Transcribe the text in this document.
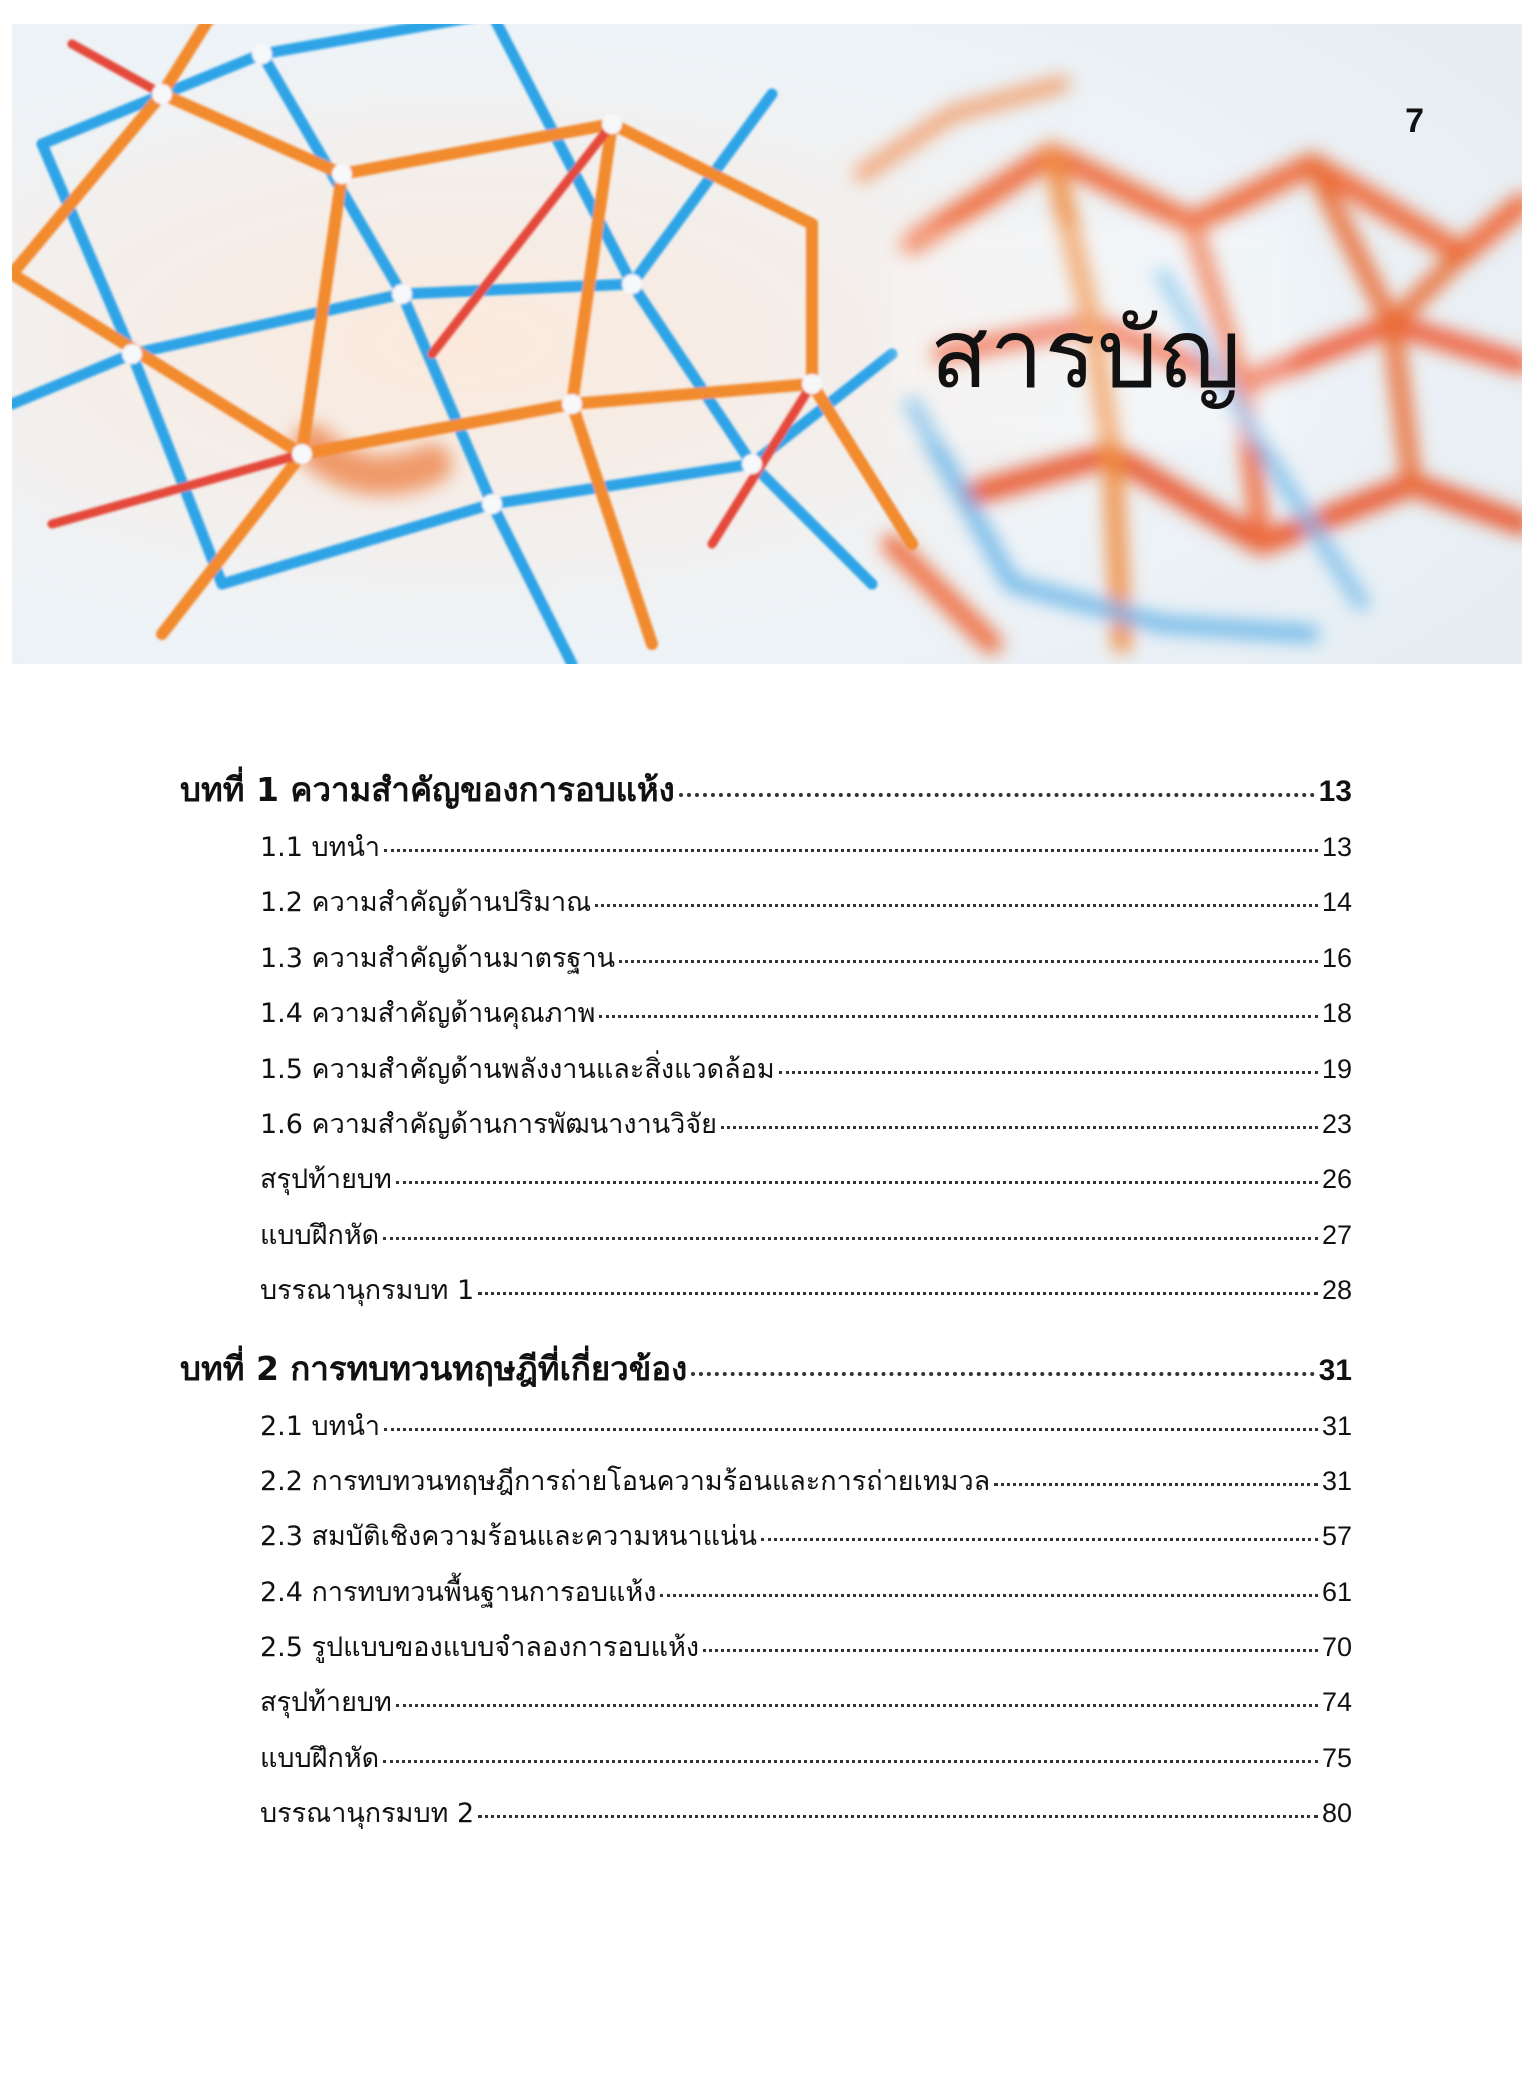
7
สารบัญ
บทที่ 1 ความสำคัญของการอบแห้ง	13
1.1 บทนำ	13
1.2 ความสำคัญด้านปริมาณ	14
1.3 ความสำคัญด้านมาตรฐาน	16
1.4 ความสำคัญด้านคุณภาพ	18
1.5 ความสำคัญด้านพลังงานและสิ่งแวดล้อม	19
1.6 ความสำคัญด้านการพัฒนางานวิจัย	23
สรุปท้ายบท	26
แบบฝึกหัด	27
บรรณานุกรมบท 1	28
บทที่ 2 การทบทวนทฤษฎีที่เกี่ยวข้อง	31
2.1 บทนำ	31
2.2 การทบทวนทฤษฎีการถ่ายโอนความร้อนและการถ่ายเทมวล	31
2.3 สมบัติเชิงความร้อนและความหนาแน่น	57
2.4 การทบทวนพื้นฐานการอบแห้ง	61
2.5 รูปแบบของแบบจำลองการอบแห้ง	70
สรุปท้ายบท	74
แบบฝึกหัด	75
บรรณานุกรมบท 2	80
